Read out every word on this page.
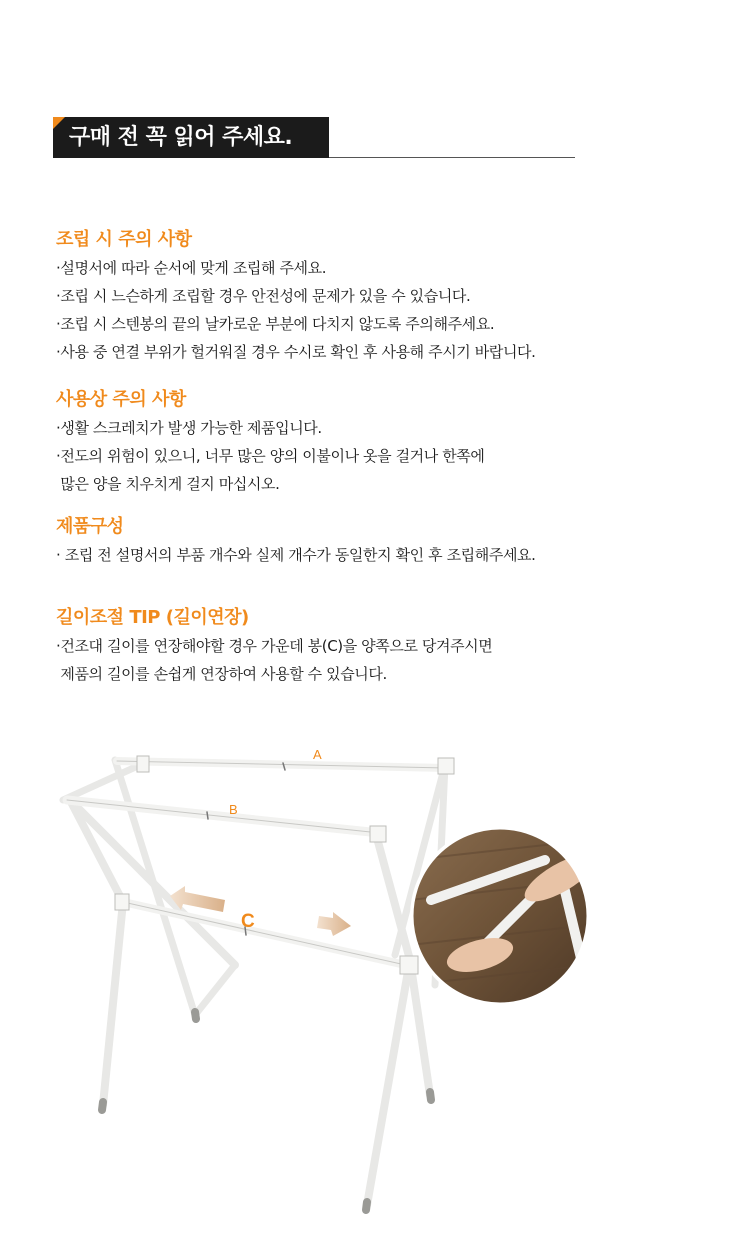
구매 전 꼭 읽어 주세요.
조립 시 주의 사항
·설명서에 따라 순서에 맞게 조립해 주세요.
·조립 시 느슨하게 조립할 경우 안전성에 문제가 있을 수 있습니다.
·조립 시 스텐봉의 끝의 날카로운 부분에 다치지 않도록 주의해주세요.
·사용 중 연결 부위가 헐거워질 경우 수시로 확인 후 사용해 주시기 바랍니다.
사용상 주의 사항
·생활 스크레치가 발생 가능한 제품입니다.
·전도의 위험이 있으니, 너무 많은 양의 이불이나 옷을 걸거나 한쪽에
많은 양을 치우치게 걸지 마십시오.
제품구성
· 조립 전 설명서의 부품 개수와 실제 개수가 동일한지 확인 후 조립해주세요.
길이조절 TIP (길이연장)
·건조대 길이를 연장해야할 경우 가운데 봉(C)을 양쪽으로 당겨주시면
제품의 길이를 손쉽게 연장하여 사용할 수 있습니다.
A
B
C
